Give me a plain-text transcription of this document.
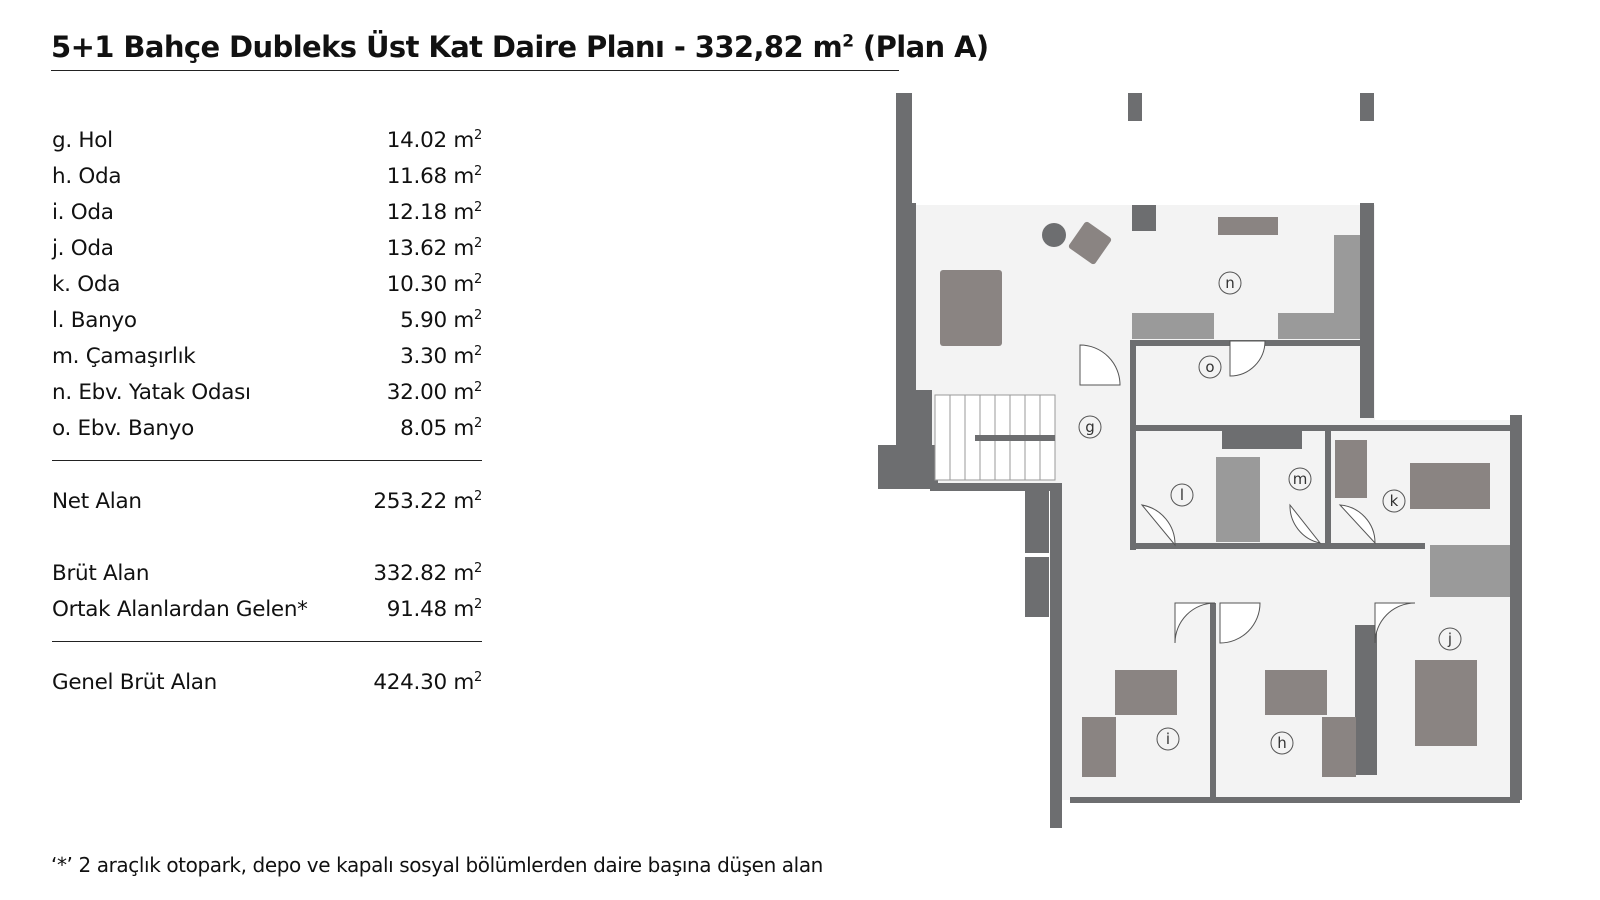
5+1 Bahçe Dubleks Üst Kat Daire Planı - 332,82 $m^2$ (Plan A)
g. Hol	14.02 $m^2$
h. Oda	11.68 $m^2$
i. Oda	12.18 $m^2$
j. Oda	13.62 $m^2$
k. Oda	10.30 $m^2$
l. Banyo	5.90 $m^2$
m. Çamaşırlık	3.30 $m^2$
n. Ebv. Yatak Odası	32.00 $m^2$
o. Ebv. Banyo	8.05 $m^2$
Net Alan	253.22 $m^2$
Brüt Alan	332.82 $m^2$
Ortak Alanlardan Gelen*	91.48 $m^2$
Genel Brüt Alan	424.30 $m^2$
‘*’ 2 araçlık otopark, depo ve kapalı sosyal bölümlerden daire başına düşen alan
n
o
g
m
l	k
j
i	h
